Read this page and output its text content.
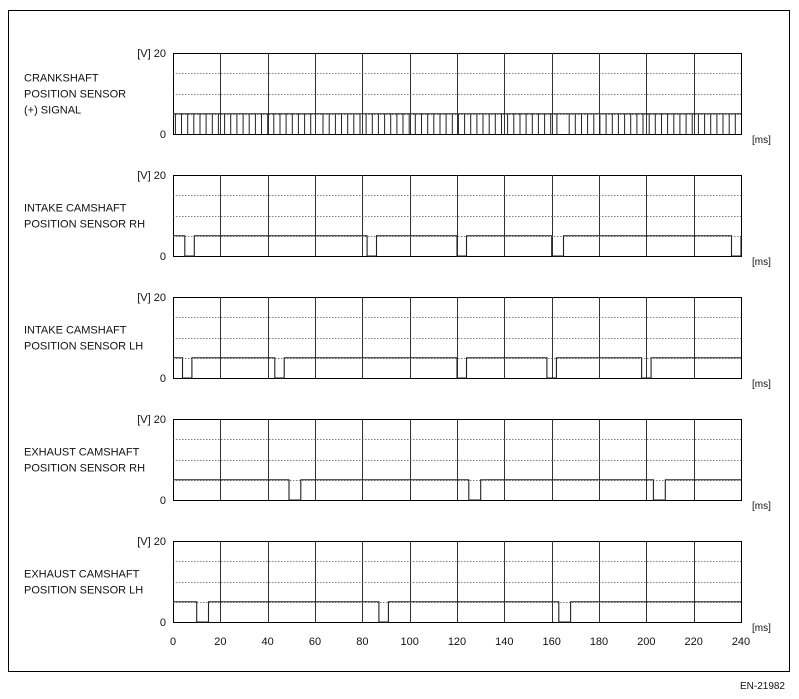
[V] 20
0	[ms]
CRANKSHAFT
POSITION SENSOR
(+) SIGNAL
[V] 20
0	[ms]
INTAKE CAMSHAFT
POSITION SENSOR RH
[V] 20
0	[ms]
INTAKE CAMSHAFT
POSITION SENSOR LH
[V] 20
0	[ms]
EXHAUST CAMSHAFT
POSITION SENSOR RH
[V] 20
0	[ms]
EXHAUST CAMSHAFT
POSITION SENSOR LH
0	20	40	60	80	100	120	140	160	180	200	220	240
EN-21982
